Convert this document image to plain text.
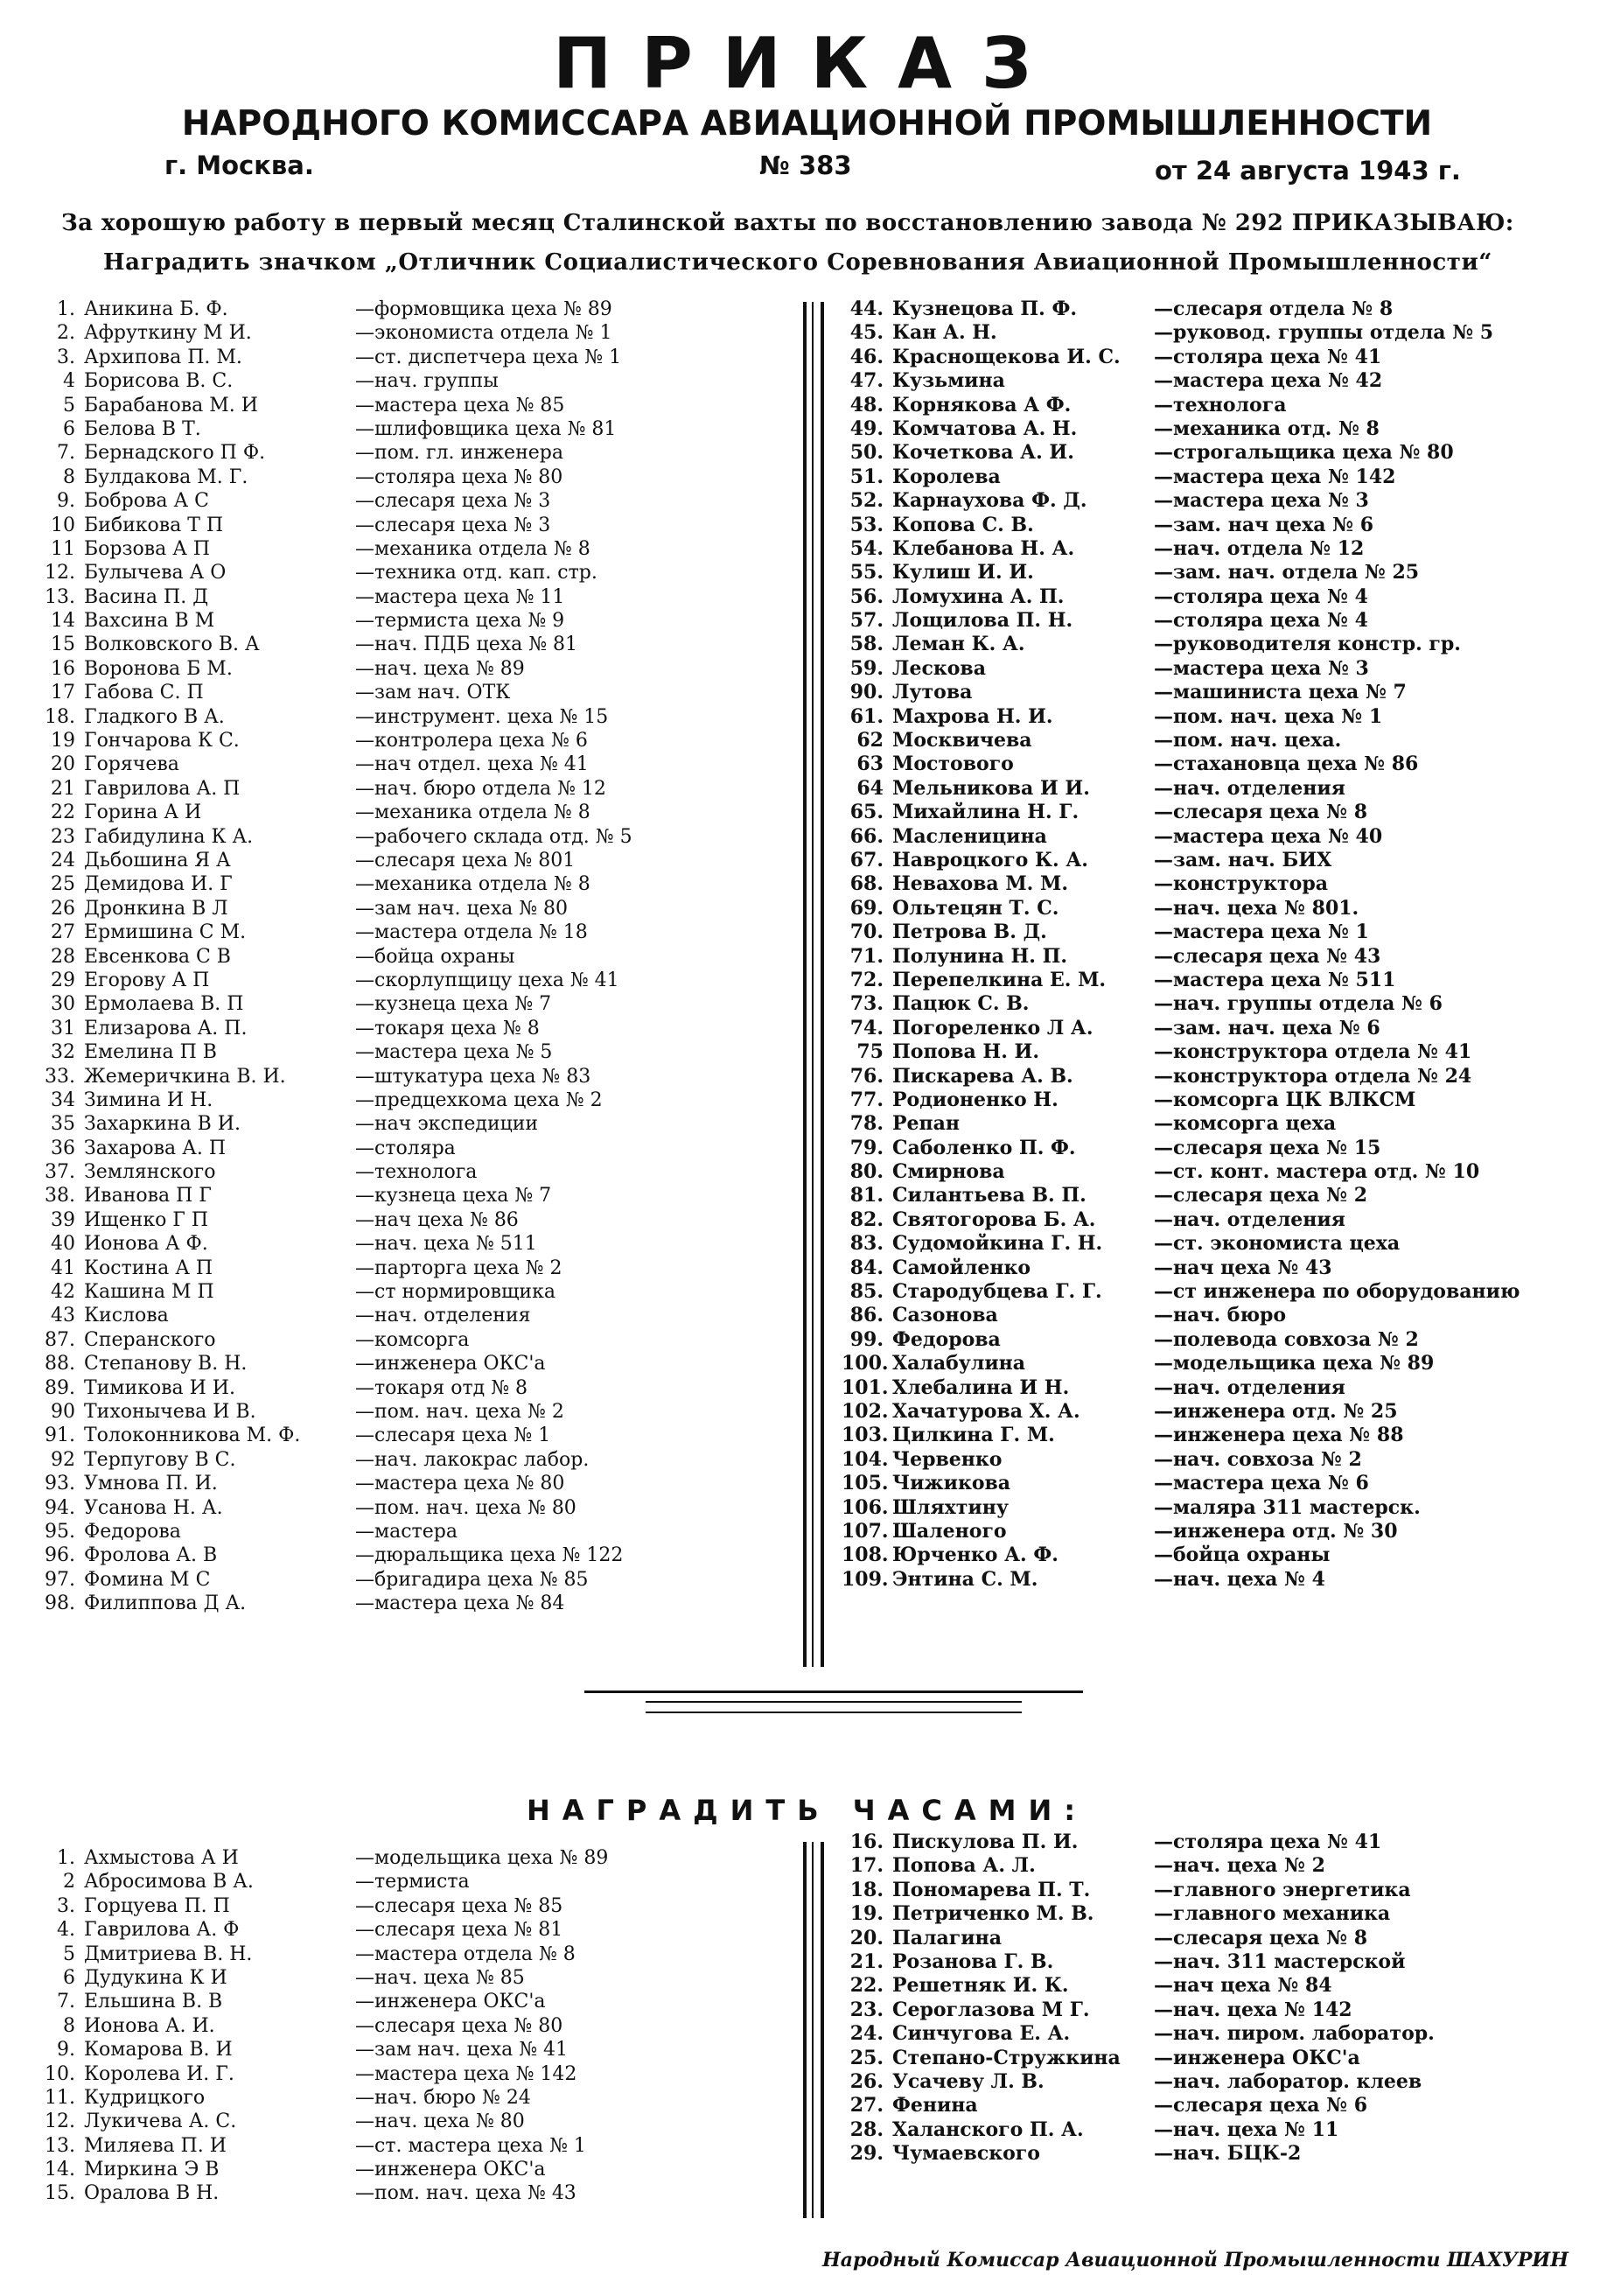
ПРИКАЗ
НАРОДНОГО КОМИССАРА АВИАЦИОННОЙ ПРОМЫШЛЕННОСТИ
г. Москва.	№ 383	от 24 августа 1943 г.
За хорошую работу в первый месяц Сталинской вахты по восстановлению завода № 292 ПРИКАЗЫВАЮ:
Наградить значком „Отличник Социалистического Соревнования Авиационной Промышленности“
1. Аникина Б. Ф.	—формовщика цеха № 89
2. Афруткину М И.	—экономиста отдела № 1
3. Архипова П. М.	—ст. диспетчера цеха № 1
4 Борисова В. С.	—нач. группы
5 Барабанова М. И	—мастера цеха № 85
6 Белова В Т.	—шлифовщика цеха № 81
7. Бернадского П Ф.	—пом. гл. инженера
8 Булдакова М. Г.	—столяра цеха № 80
9. Боброва А С	—слесаря цеха № 3
10 Бибикова Т П	—слесаря цеха № 3
11 Борзова А П	—механика отдела № 8
12. Булычева А О	—техника отд. кап. стр.
13. Васина П. Д	—мастера цеха № 11
14 Вахсина В М	—термиста цеха № 9
15 Волковского В. А	—нач. ПДБ цеха № 81
16 Воронова Б М.	—нач. цеха № 89
17 Габова С. П	—зам нач. ОТК
18. Гладкого В А.	—инструмент. цеха № 15
19 Гончарова К С.	—контролера цеха № 6
20 Горячева	—нач отдел. цеха № 41
21 Гаврилова А. П	—нач. бюро отдела № 12
22 Горина А И	—механика отдела № 8
23 Габидулина К А.	—рабочего склада отд. № 5
24 Дьбошина Я А	—слесаря цеха № 801
25 Демидова И. Г	—механика отдела № 8
26 Дронкина В Л	—зам нач. цеха № 80
27 Ермишина С М.	—мастера отдела № 18
28 Евсенкова С В	—бойца охраны
29 Егорову А П	—скорлупщицу цеха № 41
30 Ермолаева В. П	—кузнеца цеха № 7
31 Елизарова А. П.	—токаря цеха № 8
32 Емелина П В	—мастера цеха № 5
33. Жемеричкина В. И.	—штукатура цеха № 83
34 Зимина И Н.	—предцехкома цеха № 2
35 Захаркина В И.	—нач экспедиции
36 Захарова А. П	—столяра
37. Землянского	—технолога
38. Иванова П Г	—кузнеца цеха № 7
39 Ищенко Г П	—нач цеха № 86
40 Ионова А Ф.	—нач. цеха № 511
41 Костина А П	—парторга цеха № 2
42 Кашина М П	—ст нормировщика
43 Кислова	—нач. отделения
87. Сперанского	—комсорга
88. Степанову В. Н.	—инженера ОКС'а
89. Тимикова И И.	—токаря отд № 8
90 Тихонычева И В.	—пом. нач. цеха № 2
91. Толоконникова М. Ф.	—слесаря цеха № 1
92 Терпугову В С.	—нач. лакокрас лабор.
93. Умнова П. И.	—мастера цеха № 80
94. Усанова Н. А.	—пом. нач. цеха № 80
95. Федорова	—мастера
96. Фролова А. В	—дюральщика цеха № 122
97. Фомина М С	—бригадира цеха № 85
98. Филиппова Д А.	—мастера цеха № 84
44. Кузнецова П. Ф.	—слесаря отдела № 8
45. Кан А. Н.	—руковод. группы отдела № 5
46. Краснощекова И. С. —столяра цеха № 41
47. Кузьмина	—мастера цеха № 42
48. Корнякова А Ф.	—технолога
49. Комчатова А. Н.	—механика отд. № 8
50. Кочеткова А. И.	—строгальщика цеха № 80
51. Королева	—мастера цеха № 142
52. Карнаухова Ф. Д.	—мастера цеха № 3
53. Копова С. В.	—зам. нач цеха № 6
54. Клебанова Н. А.	—нач. отдела № 12
55. Кулиш И. И.	—зам. нач. отдела № 25
56. Ломухина А. П.	—столяра цеха № 4
57. Лощилова П. Н.	—столяра цеха № 4
58. Леман К. А.	—руководителя констр. гр.
59. Лескова	—мастера цеха № 3
90. Лутова	—машиниста цеха № 7
61. Махрова Н. И.	—пом. нач. цеха № 1
62 Москвичева	—пом. нач. цеха.
63 Мостового	—стахановца цеха № 86
64 Мельникова И И.	—нач. отделения
65. Михайлина Н. Г.	—слесаря цеха № 8
66. Масленицина	—мастера цеха № 40
67. Навроцкого К. А.	—зам. нач. БИХ
68. Невахова М. М.	—конструктора
69. Ольтецян Т. С.	—нач. цеха № 801.
70. Петрова В. Д.	—мастера цеха № 1
71. Полунина Н. П.	—слесаря цеха № 43
72. Перепелкина Е. М. —мастера цеха № 511
73. Пацюк С. В.	—нач. группы отдела № 6
74. Погореленко Л А.	—зам. нач. цеха № 6
75 Попова Н. И.	—конструктора отдела № 41
76. Пискарева А. В.	—конструктора отдела № 24
77. Родионенко Н.	—комсорга ЦК ВЛКСМ
78. Репан	—комсорга цеха
79. Саболенко П. Ф.	—слесаря цеха № 15
80. Смирнова	—ст. конт. мастера отд. № 10
81. Силантьева В. П.	—слесаря цеха № 2
82. Святогорова Б. А.	—нач. отделения
83. Судомойкина Г. Н.	—ст. экономиста цеха
84. Самойленко	—нач цеха № 43
85. Стародубцева Г. Г.	—ст инженера по оборудованию
86. Сазонова	—нач. бюро
99. Федорова	—полевода совхоза № 2
100. Халабулина	—модельщика цеха № 89
101. Хлебалина И Н.	—нач. отделения
102. Хачатурова Х. А.	—инженера отд. № 25
103. Цилкина Г. М.	—инженера цеха № 88
104. Червенко	—нач. совхоза № 2
105. Чижикова	—мастера цеха № 6
106. Шляхтину	—маляра 311 мастерск.
107. Шаленого	—инженера отд. № 30
108. Юрченко А. Ф.	—бойца охраны
109. Энтина С. М.	—нач. цеха № 4
НАГРАДИТЬ ЧАСАМИ:
1. Ахмыстова А И	—модельщика цеха № 89
2 Абросимова В А.	—термиста
3. Горцуева П. П	—слесаря цеха № 85
4. Гаврилова А. Ф	—слесаря цеха № 81
5 Дмитриева В. Н.	—мастера отдела № 8
6 Дудукина К И	—нач. цеха № 85
7. Ельшина В. В	—инженера ОКС'а
8 Ионова А. И.	—слесаря цеха № 80
9. Комарова В. И	—зам нач. цеха № 41
10. Королева И. Г.	—мастера цеха № 142
11. Кудрицкого	—нач. бюро № 24
12. Лукичева А. С.	—нач. цеха № 80
13. Миляева П. И	—ст. мастера цеха № 1
14. Миркина Э В	—инженера ОКС'а
15. Оралова В Н.	—пом. нач. цеха № 43
16. Пискулова П. И.	—столяра цеха № 41
17. Попова А. Л.	—нач. цеха № 2
18. Пономарева П. Т.	—главного энергетика
19. Петриченко М. В.	—главного механика
20. Палагина	—слесаря цеха № 8
21. Розанова Г. В.	—нач. 311 мастерской
22. Решетняк И. К.	—нач цеха № 84
23. Сероглазова М Г.	—нач. цеха № 142
24. Синчугова Е. А.	—нач. пиром. лаборатор.
25. Степано-Стружкина —инженера ОКС'а
26. Усачеву Л. В.	—нач. лаборатор. клеев
27. Фенина	—слесаря цеха № 6
28. Халанского П. А.	—нач. цеха № 11
29. Чумаевского	—нач. БЦК-2
Народный Комиссар Авиационной Промышленности ШАХУРИН
